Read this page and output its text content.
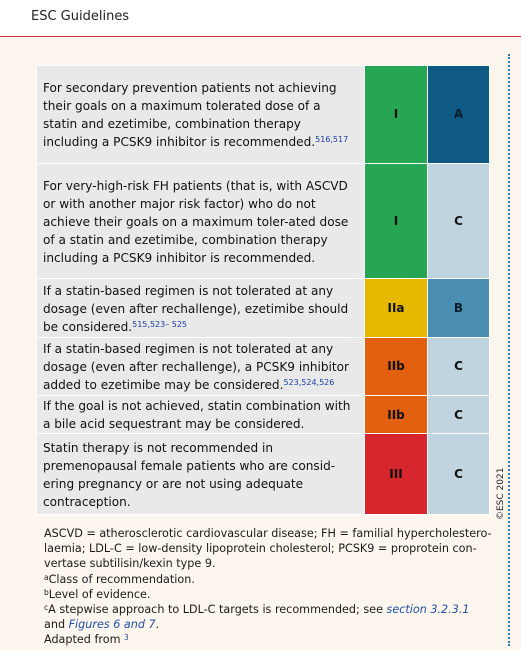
ESC Guidelines
For secondary prevention patients not achieving their goals on a maximum tolerated dose of a statin and ezetimibe, combination therapy including a PCSK9 inhibitor is recommended.$^{516,517}$	I	A
For very-high-risk FH patients (that is, with ASCVD or with another major risk factor) who do not achieve their goals on a maximum toler-ated dose of a statin and ezetimibe, combination therapy including a PCSK9 inhibitor is recommended.	I	C
If a statin-based regimen is not tolerated at any dosage (even after rechallenge), ezetimibe should be considered.$^{515,523- 525}$	IIa	B
If a statin-based regimen is not tolerated at any dosage (even after rechallenge), a PCSK9 inhibitor added to ezetimibe may be considered.$^{523,524,526}$	IIb	C
If the goal is not achieved, statin combination with a bile acid sequestrant may be considered.	IIb	C
Statin therapy is not recommended in premenopausal female patients who are consid-ering pregnancy or are not using adequate contraception.	III	C	©ESC 2021

ASCVD = atherosclerotic cardiovascular disease; FH = familial hypercholestero-laemia; LDL-C = low-density lipoprotein cholesterol; PCSK9 = proprotein con-vertase subtilisin/kexin type 9.

$^a$Class of recommendation.

$^b$Level of evidence.

$^c$A stepwise approach to LDL-C targets is recommended; see section 3.2.3.1 and Figures 6 and 7.

Adapted from $^3$
